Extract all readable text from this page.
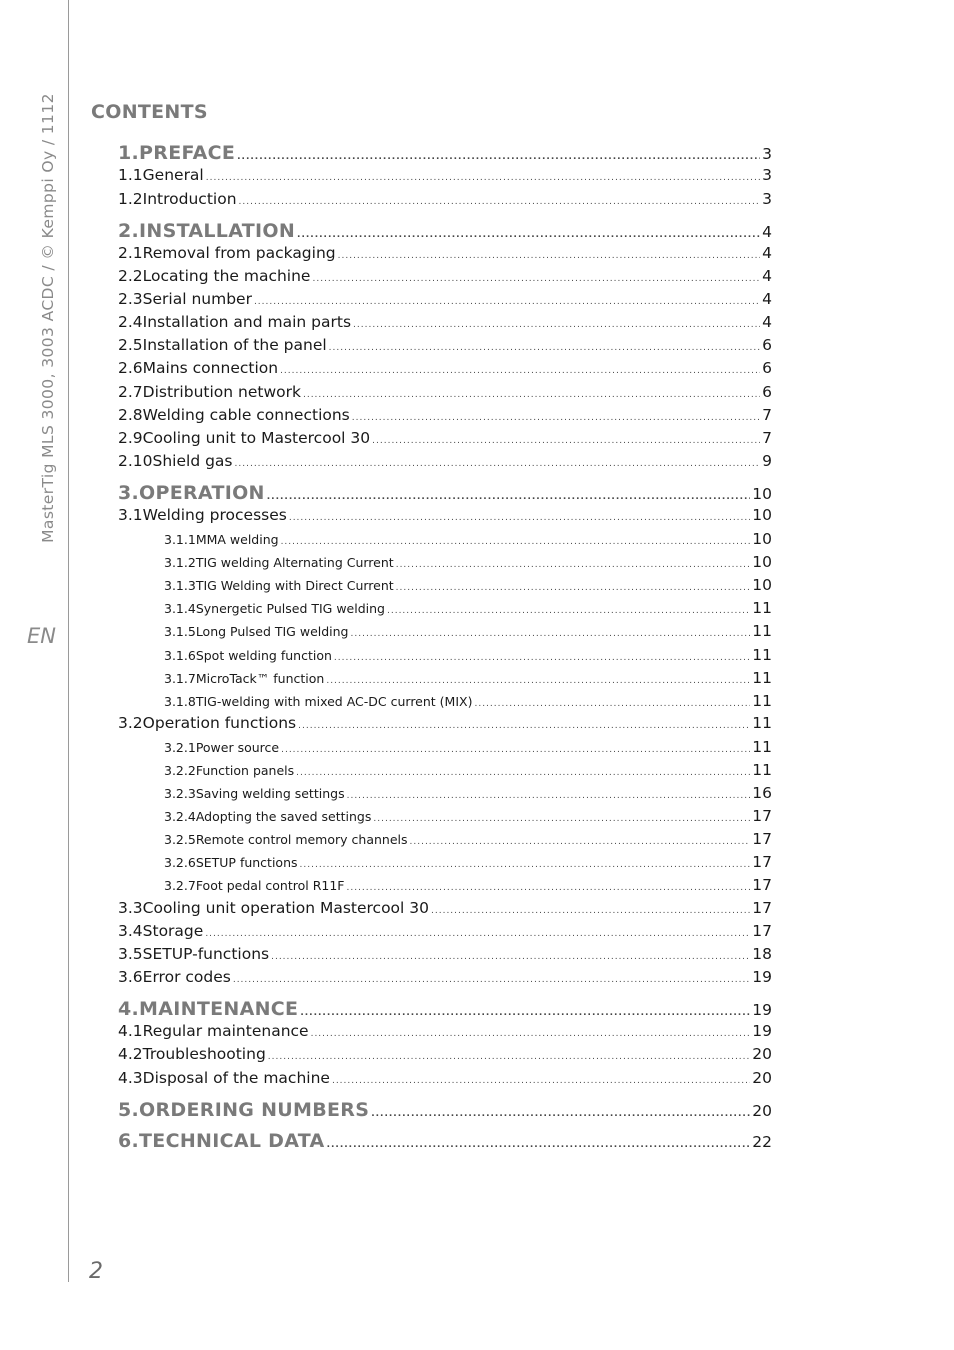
MasterTig MLS 3000, 3003 ACDC / © Kemppi Oy / 1112
EN
2
CONTENTS
1. PREFACE .....	3
1.1 General .....	3
1.2 Introduction .....	3
2. INSTALLATION .....	4
2.1 Removal from packaging .....	4
2.2 Locating the machine .....	4
2.3 Serial number .....	4
2.4 Installation and main parts .....	4
2.5 Installation of the panel .....	6
2.6 Mains connection .....	6
2.7 Distribution network .....	6
2.8 Welding cable connections .....	7
2.9 Cooling unit to Mastercool 30 .....	7
2.10 Shield gas .....	9
3. OPERATION .....	10
3.1 Welding processes .....	10
3.1.1 MMA welding .....	10
3.1.2 TIG welding Alternating Current .....	10
3.1.3 TIG Welding with Direct Current .....	10
3.1.4 Synergetic Pulsed TIG welding .....	11
3.1.5 Long Pulsed TIG welding .....	11
3.1.6 Spot welding function .....	11
3.1.7 MicroTack™ function .....	11
3.1.8 TIG-welding with mixed AC-DC current (MIX) .....	11
3.2 Operation functions .....	11
3.2.1 Power source .....	11
3.2.2 Function panels .....	11
3.2.3 Saving welding settings .....	16
3.2.4 Adopting the saved settings .....	17
3.2.5 Remote control memory channels .....	17
3.2.6 SETUP functions .....	17
3.2.7 Foot pedal control R11F .....	17
3.3 Cooling unit operation Mastercool 30 .....	17
3.4 Storage .....	17
3.5 SETUP-functions .....	18
3.6 Error codes .....	19
4. MAINTENANCE .....	19
4.1 Regular maintenance .....	19
4.2 Troubleshooting .....	20
4.3 Disposal of the machine .....	20
5. ORDERING NUMBERS .....	20
6. TECHNICAL DATA .....	22
